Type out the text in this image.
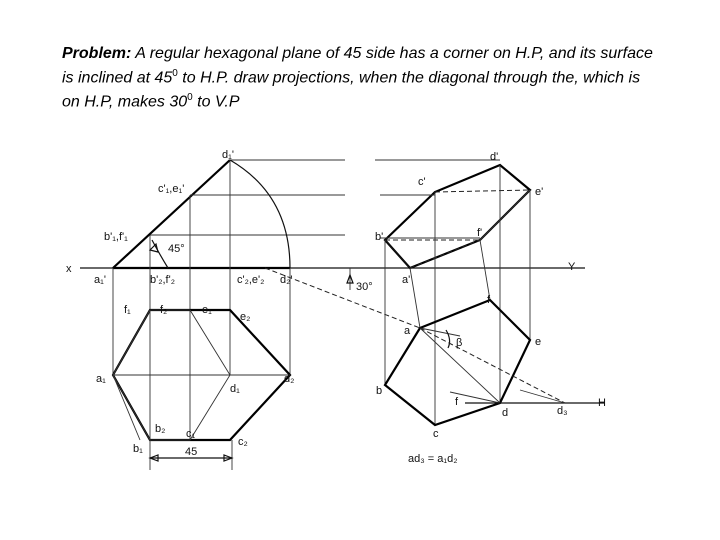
Problem: A regular hexagonal plane of 45 side has a corner on H.P, and its surface is inclined at $45^0$ to H.P. draw projections, when the diagonal through the, which is on H.P, makes $30^0$ to V.P
d₁'
c'₁,e₁'
b'₁,f'₁
45°
x
a₁'	b'₂,f'₂	c'₂,e'₂ d₂'
f₁	f₂	e₁
e₂
a₁
d₁
d₂
b₂ c₁
b₁
c₂
45
d'
c'
e'
b'	f'
a'
Y
30°
f
a
β	e
b
f
d
c
d₃
H
ad₃ = a₁d₂
